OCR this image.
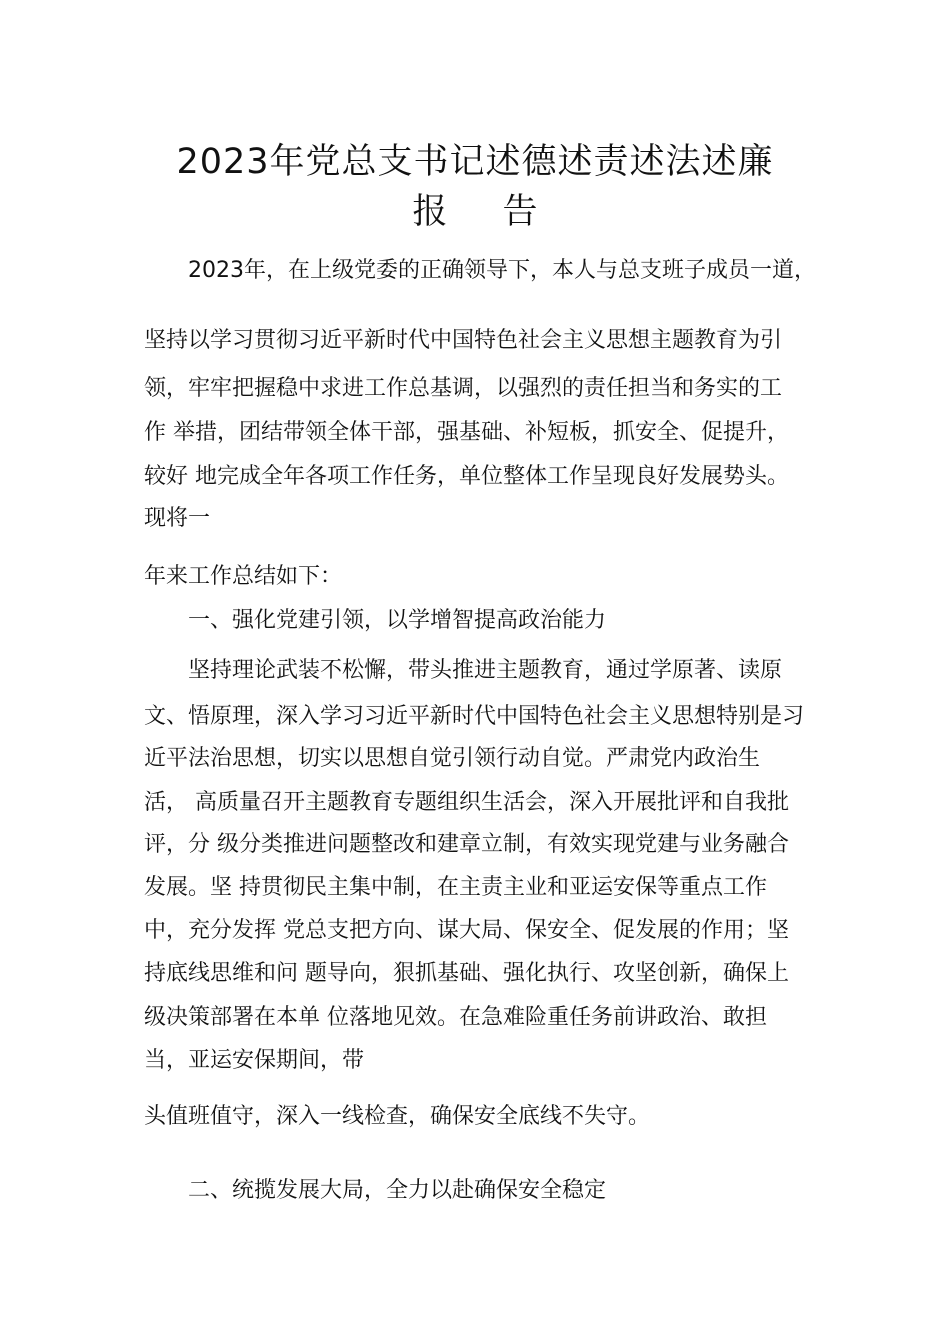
2023年党总支书记述德述责述法述廉
报 告
2023年，在上级党委的正确领导下，本人与总支班子成员一道，
坚持以学习贯彻习近平新时代中国特色社会主义思想主题教育为引
领，牢牢把握稳中求进工作总基调，以强烈的责任担当和务实的工
作 举措，团结带领全体干部，强基础、补短板，抓安全、促提升，
较好 地完成全年各项工作任务，单位整体工作呈现良好发展势头。
现将一
年来工作总结如下：
一、强化党建引领，以学增智提高政治能力
坚持理论武装不松懈，带头推进主题教育，通过学原著、读原
文、悟原理，深入学习习近平新时代中国特色社会主义思想特别是习
近平法治思想，切实以思想自觉引领行动自觉。严肃党内政治生
活， 高质量召开主题教育专题组织生活会，深入开展批评和自我批
评，分 级分类推进问题整改和建章立制，有效实现党建与业务融合
发展。坚 持贯彻民主集中制，在主责主业和亚运安保等重点工作
中，充分发挥 党总支把方向、谋大局、保安全、促发展的作用；坚
持底线思维和问 题导向，狠抓基础、强化执行、攻坚创新，确保上
级决策部署在本单 位落地见效。在急难险重任务前讲政治、敢担
当，亚运安保期间，带
头值班值守，深入一线检查，确保安全底线不失守。
二、统揽发展大局，全力以赴确保安全稳定
